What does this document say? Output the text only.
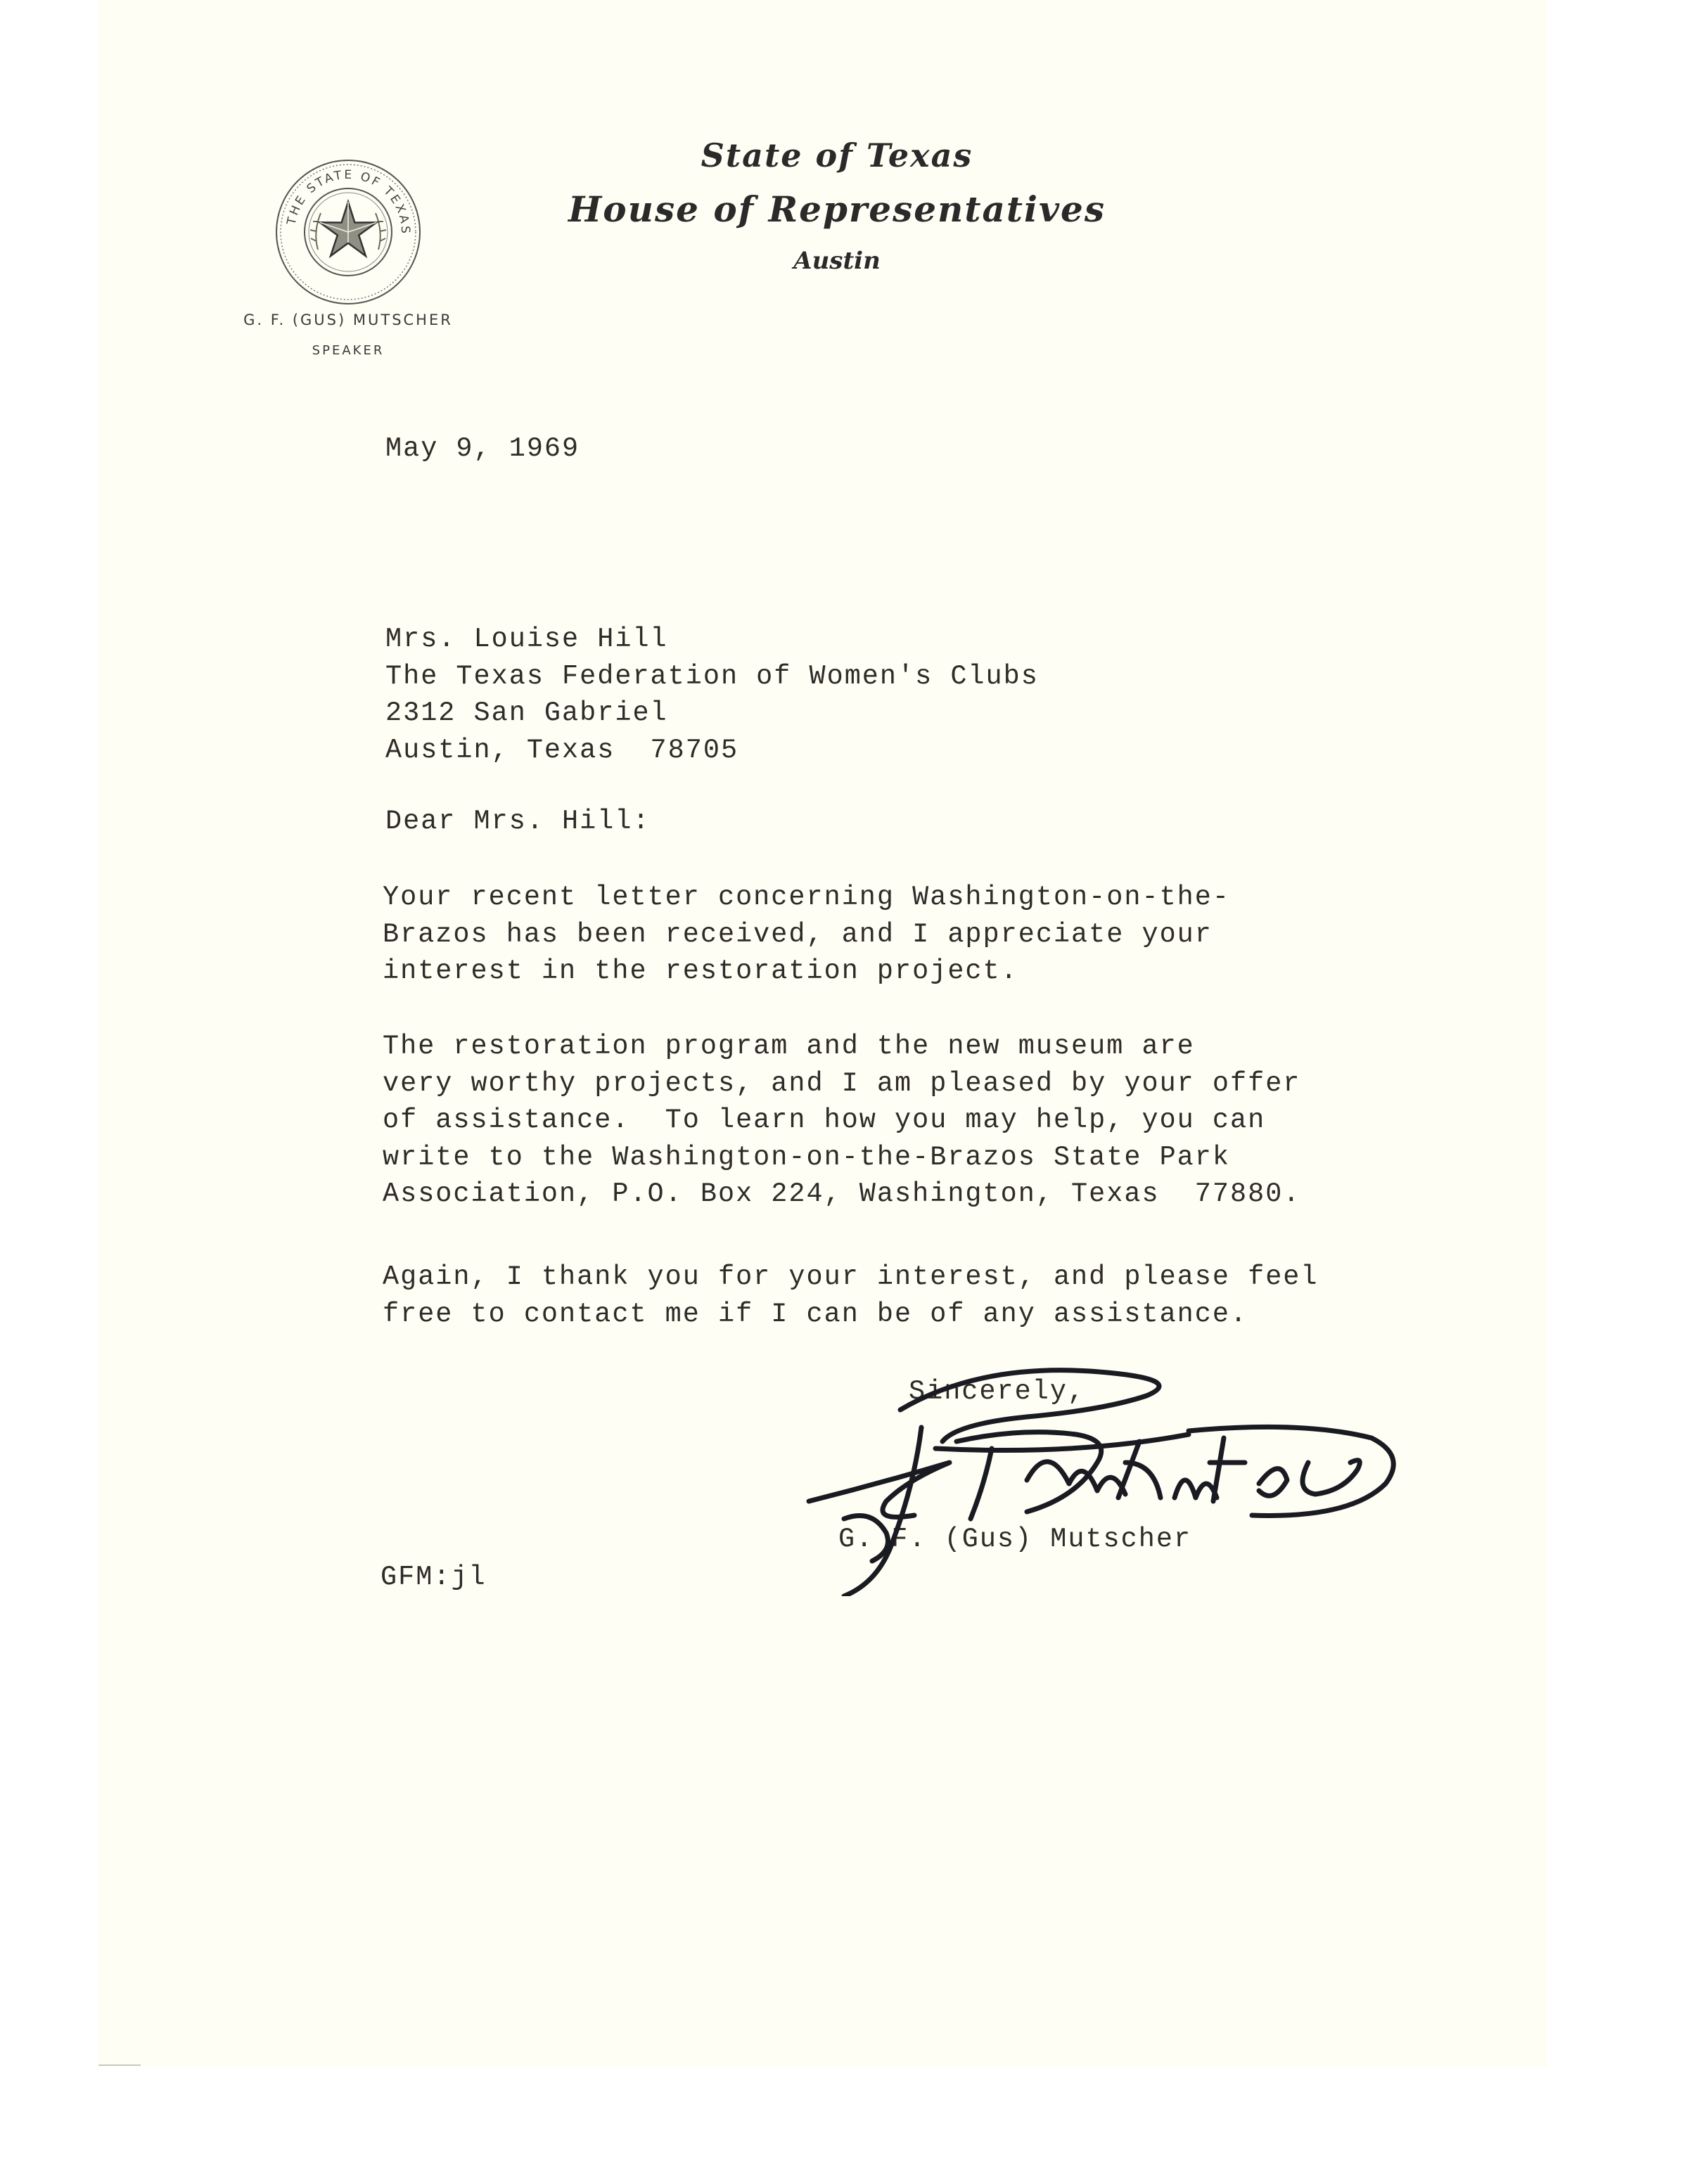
THE STATE OF TEXAS
G. F. (GUS) MUTSCHER
SPEAKER
State of Texas
House of Representatives
Austin
May 9, 1969
Mrs. Louise Hill
The Texas Federation of Women's Clubs
2312 San Gabriel
Austin, Texas  78705
Dear Mrs. Hill:
Your recent letter concerning Washington-on-the-
Brazos has been received, and I appreciate your
interest in the restoration project.
The restoration program and the new museum are
very worthy projects, and I am pleased by your offer
of assistance.  To learn how you may help, you can
write to the Washington-on-the-Brazos State Park
Association, P.O. Box 224, Washington, Texas  77880.
Again, I thank you for your interest, and please feel
free to contact me if I can be of any assistance.
Sincerely,
G. F. (Gus) Mutscher
GFM:jl
